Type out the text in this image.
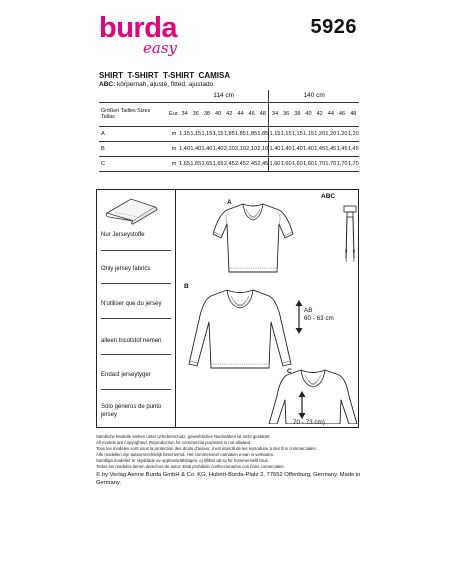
burda
easy
5926
SHIRT  T-SHIRT  T-SHIRT  CAMISA
ABC: körpernah, ajusté, fitted, ajustado
		114 cm								140 cm							
Größen Tailles Sizes
Tallas	Eur.	34	36	38	40	42	44	46	48	34	36	38	40	42	44	46	48
A	m	1,15	1,15	1,15	1,15	1,85	1,85	1,85	1,85	1,15	1,15	1,15	1,15	1,20	1,20	1,20	1,20
B	m	1,40	1,40	1,40	1,40	2,10	2,10	2,10	2,10	1,40	1,40	1,40	1,40	1,45	1,45	1,45	1,45
C	m	1,65	1,65	1,65	1,65	2,45	2,45	2,45	2,45	1,60	1,60	1,60	1,60	1,70	1,70	1,70	1,70
Nur Jerseystoffe
Only jersey fabrics
N'utiliser que du jersey
alleen tricotstof nemen
Endast jerseytyger
Sólo géneros de punto jersey
A
B
C
ABC
AB
60 - 63 cm
70 - 73 cm)
Sämtliche Modelle stehen unter Urheberschutz, gewerbliches Nachnähen ist nicht gestattet.
All models are copyrighted. Reproduction for commercial purposes is not allowed.
Tous les modèles sont sous la protection des droits d'auteur, il est interdit de les reproduire à des fins commerciales.
Alle modellen zijn auteursrechtelijk beschermd. Het commercieel namaken ervan is verboden.
Samtliga modeller är skyddade av upphovsrättslagen, ej tillåtet att sy för kommersiellt bruk.
Todos los modelos tienen derechos de autor. Está prohibido confeccionarlos con fines comerciales.
© by Verlag Aenne Burda GmbH & Co. KG, Hubert-Burda-Platz 2, 77652 Offenburg, Germany. Made in Germany.
